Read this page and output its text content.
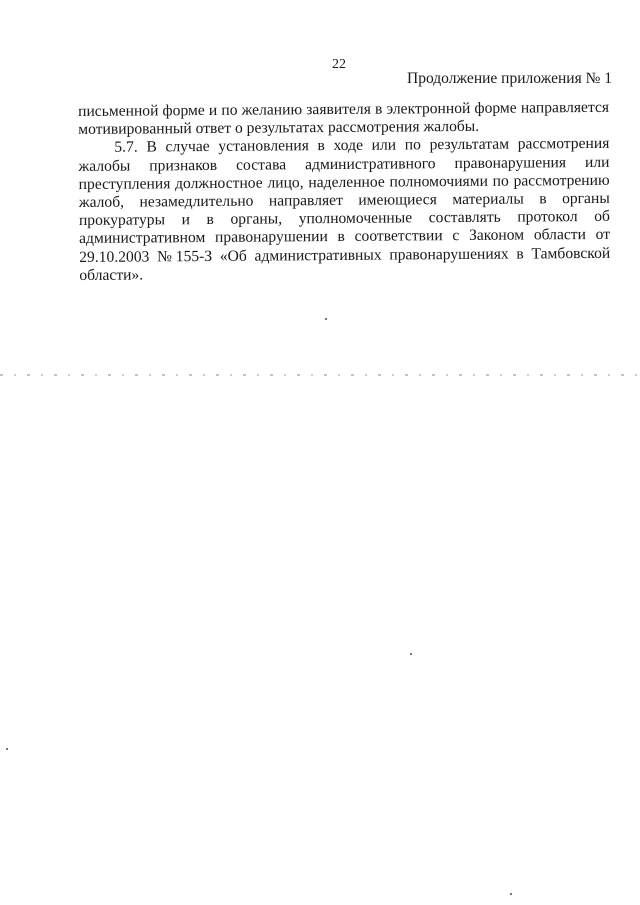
22
Продолжение приложения № 1

письменной форме и по желанию заявителя в электронной форме направляется мотивированный ответ о результатах рассмотрения жалобы.

5.7. В случае установления в ходе или по результатам рассмотрения жалобы признаков состава административного правонарушения или преступления должностное лицо, наделенное полномочиями по рассмотрению жалоб, незамедлительно направляет имеющиеся материалы в органы прокуратуры и в органы, уполномоченные составлять протокол об административном правонарушении в соответствии с Законом области от 29.10.2003 №155-З «Об административных правонарушениях в Тамбовской области».
